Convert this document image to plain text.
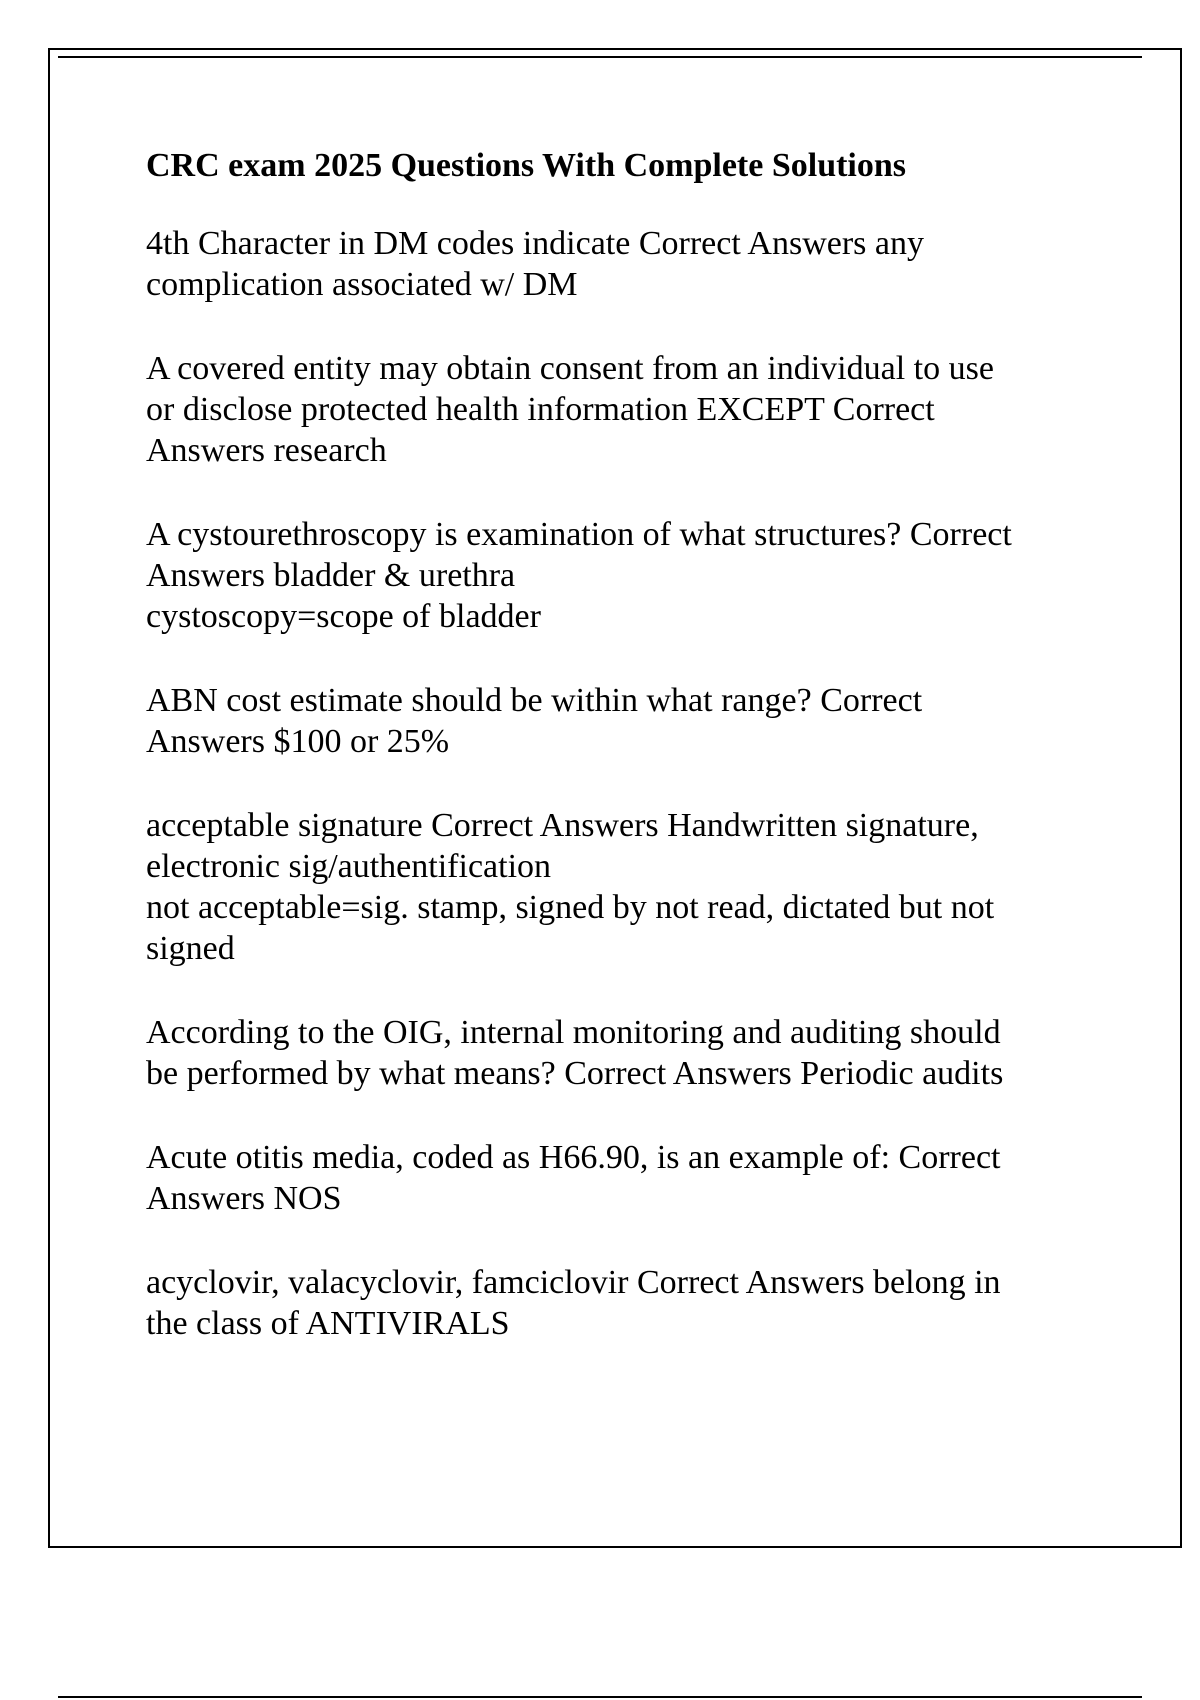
CRC exam 2025 Questions With Complete Solutions
4th Character in DM codes indicate Correct Answers any
complication associated w/ DM
A covered entity may obtain consent from an individual to use
or disclose protected health information EXCEPT Correct
Answers research
A cystourethroscopy is examination of what structures? Correct
Answers bladder & urethra
cystoscopy=scope of bladder
ABN cost estimate should be within what range? Correct
Answers $100 or 25%
acceptable signature Correct Answers Handwritten signature,
electronic sig/authentification
not acceptable=sig. stamp, signed by not read, dictated but not
signed
According to the OIG, internal monitoring and auditing should
be performed by what means? Correct Answers Periodic audits
Acute otitis media, coded as H66.90, is an example of: Correct
Answers NOS
acyclovir, valacyclovir, famciclovir Correct Answers belong in
the class of ANTIVIRALS
